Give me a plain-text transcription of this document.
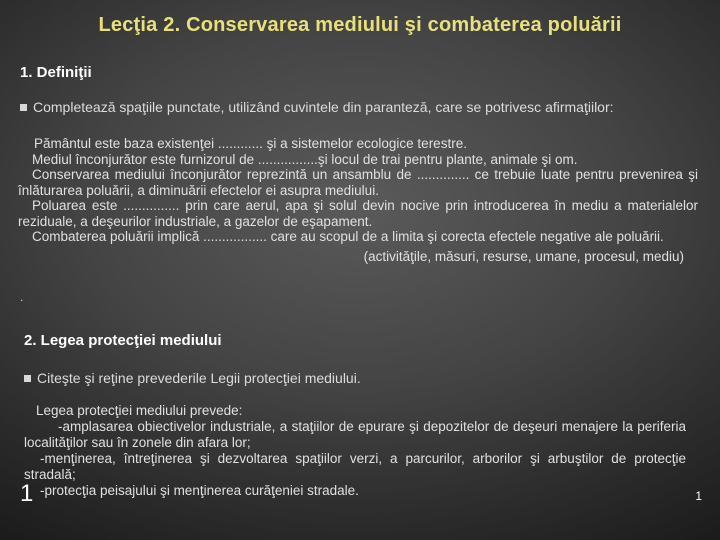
Lecţia 2. Conservarea mediului şi combaterea poluării
1. Definiţii
Completează spaţiile punctate, utilizând cuvintele din paranteză, care se potrivesc afirmaţiilor:

Pământul este baza existenţei ............ şi a sistemelor ecologice terestre.

Mediul înconjurător este furnizorul de ................şi locul de trai pentru plante, animale şi om.

Conservarea mediului înconjurător reprezintă un ansamblu de .............. ce trebuie luate pentru prevenirea şi înlăturarea poluării, a diminuării efectelor ei asupra mediului.

Poluarea este ............... prin care aerul, apa şi solul devin nocive prin introducerea în mediu a materialelor reziduale, a deşeurilor industriale, a gazelor de eşapament.

Combaterea poluării implică ................. care au scopul de a limita şi corecta efectele negative ale poluării.

(activităţile, măsuri, resurse, umane, procesul, mediu)

.
2. Legea protecţiei mediului
Citeşte şi reţine prevederile Legii protecţiei mediului.

Legea protecţiei mediului prevede:

-amplasarea obiectivelor industriale, a staţiilor de epurare şi depozitelor de deşeuri menajere la periferia localităţilor sau în zonele din afara lor;

-menţinerea, întreţinerea şi dezvoltarea spaţiilor verzi, a parcurilor, arborilor şi arbuştilor de protecţie stradală;

-protecţia peisajului şi menţinerea curăţeniei stradale.

1	1
